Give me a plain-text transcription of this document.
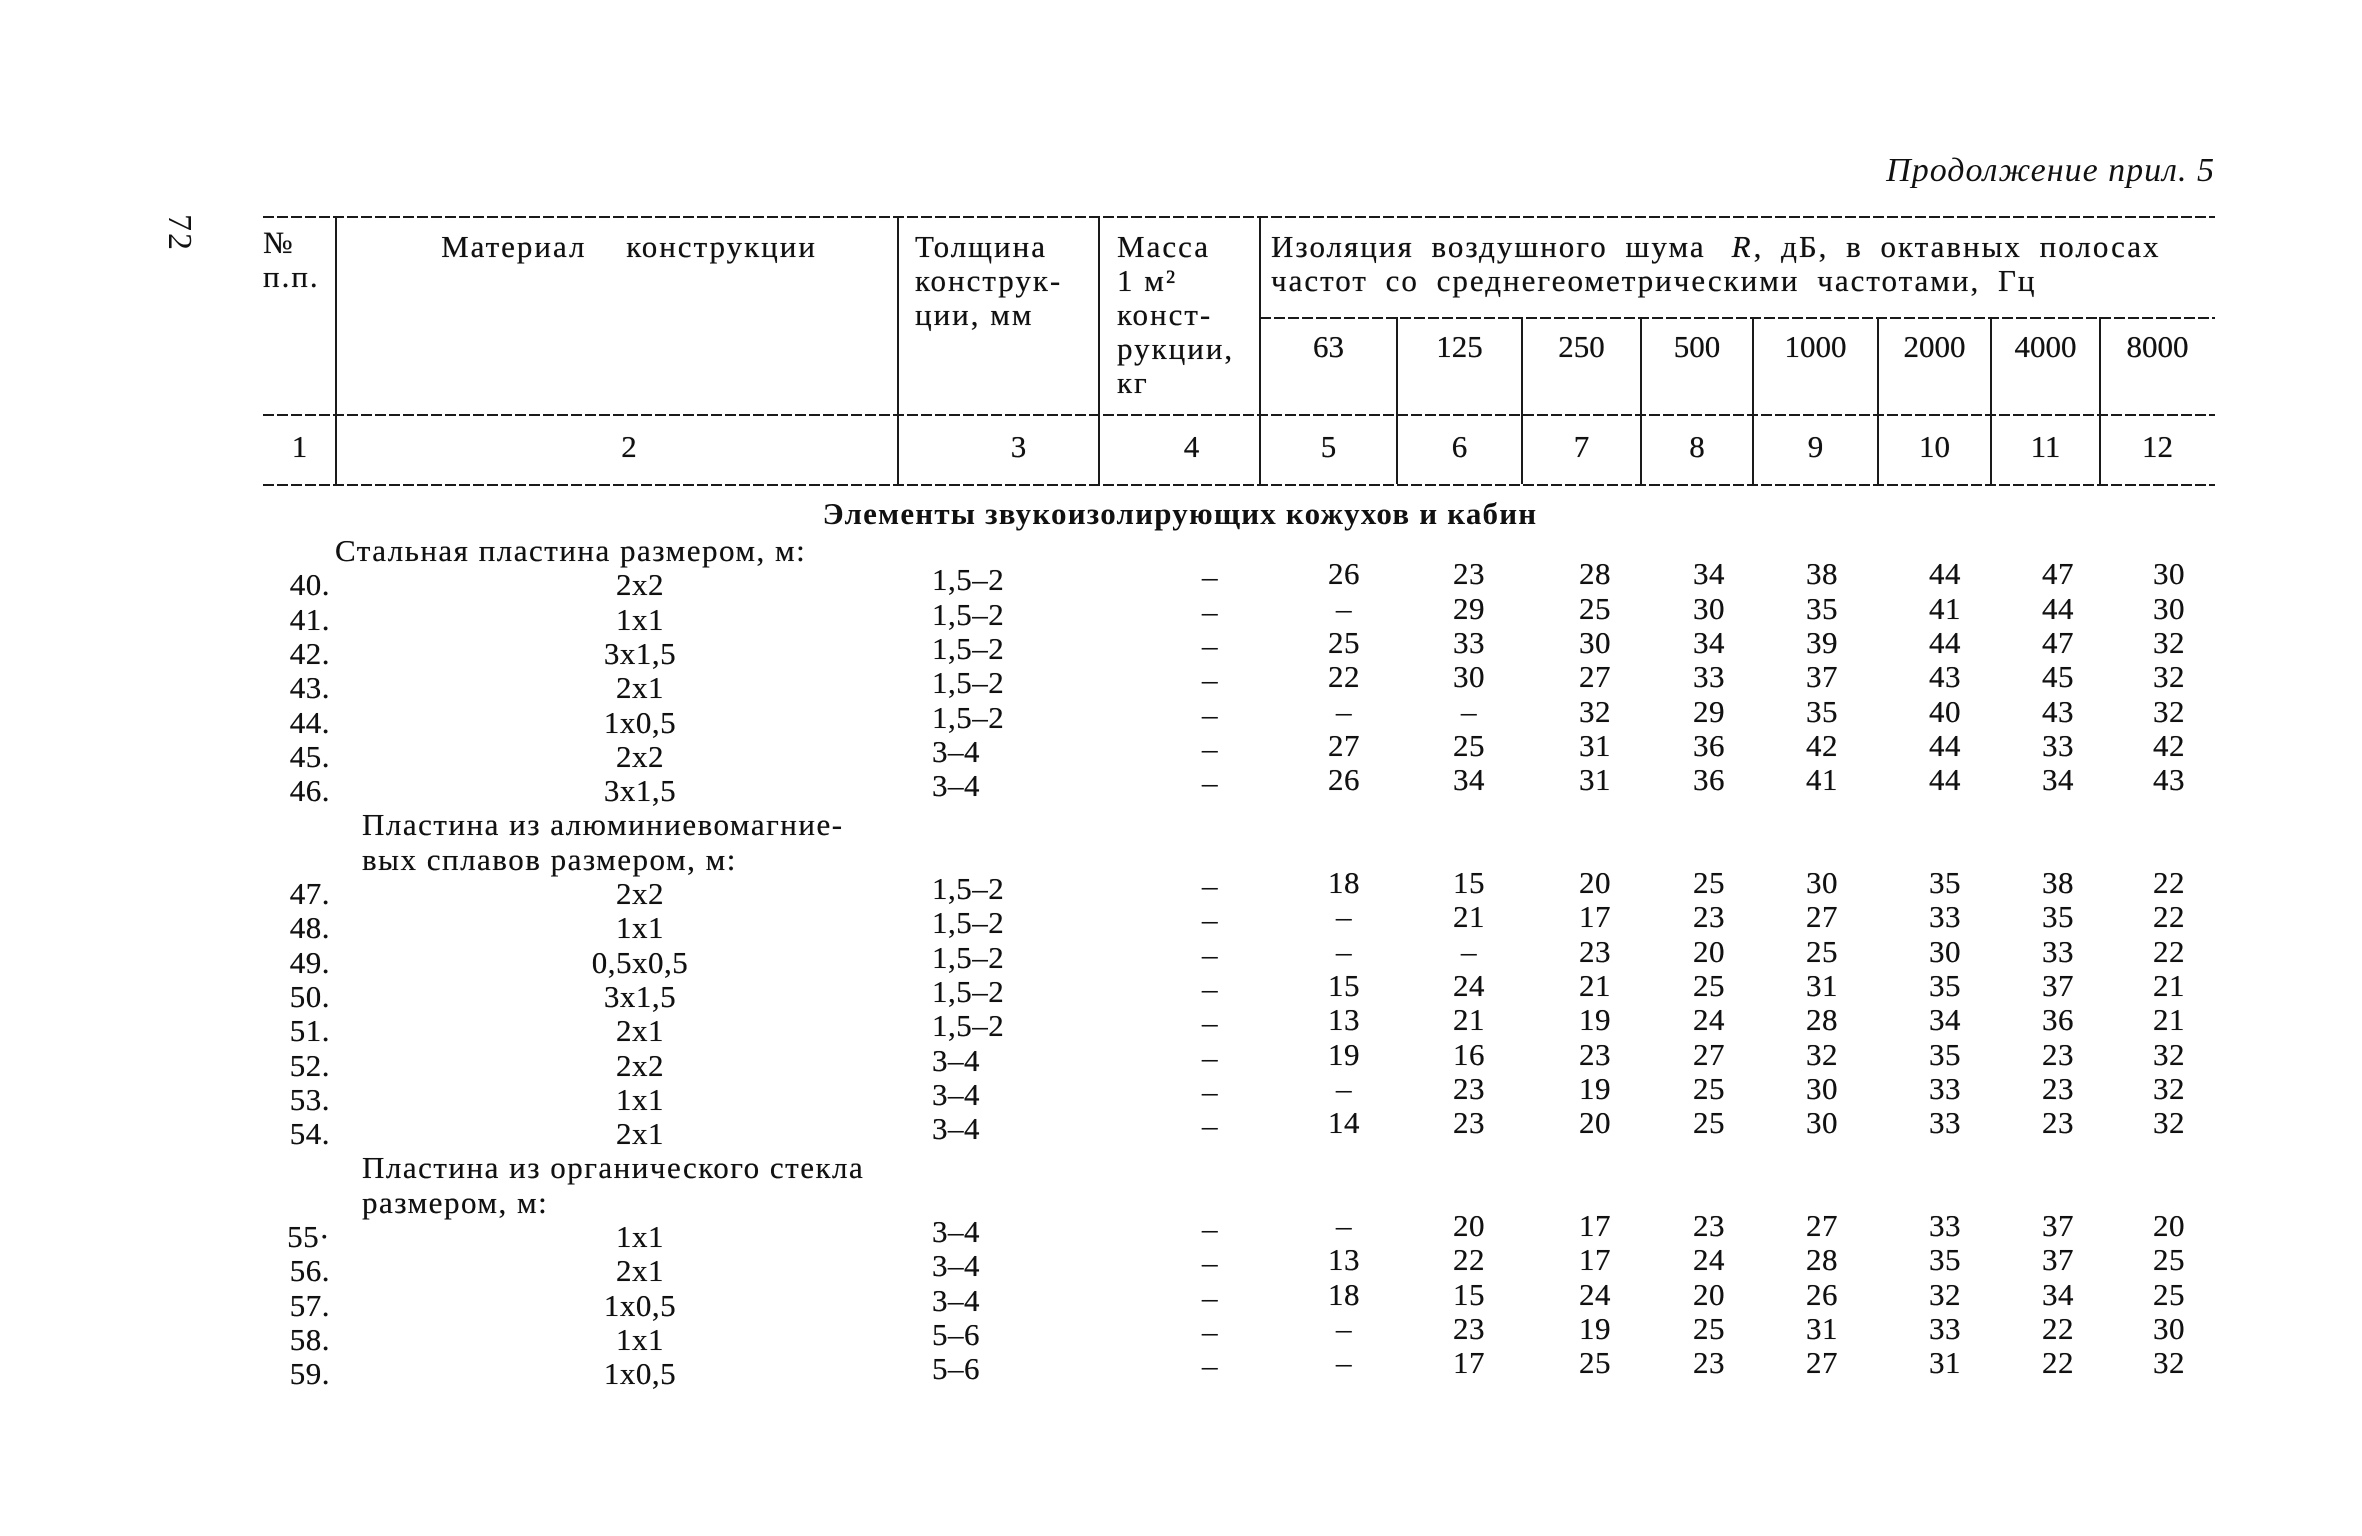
72
Продолжение прил. 5
№
п.п.
Материал конструкции	Толщина
конструк-
ции, мм
Масса
1 м²
конст-
рукции,
кг
Изоляция воздушного шума R, дБ, в октавных полосах
частот со среднегеометрическими частотами, Гц
63	125	250	500	1000	2000	4000	8000
1	2	3	4	5	6	7	8	9	10	11	12
Элементы звукоизолирующих кожухов и кабин
Стальная пластина размером, м:
40.	2x2	1,5–2	–	26	23	28	34	38	44	47	30
41.	1x1	1,5–2	–	–	29	25	30	35	41	44	30
42.	3x1,5	1,5–2	–	25	33	30	34	39	44	47	32
43.	2x1	1,5–2	–	22	30	27	33	37	43	45	32
44.	1x0,5	1,5–2	–	–	–	32	29	35	40	43	32
45.	2x2	3–4	–	27	25	31	36	42	44	33	42
46.	3x1,5	3–4	–	26	34	31	36	41	44	34	43
Пластина из алюминиевомагние-
вых сплавов размером, м:
47.	2x2	1,5–2	–	18	15	20	25	30	35	38	22
48.	1x1	1,5–2	–	–	21	17	23	27	33	35	22
49.	0,5x0,5	1,5–2	–	–	–	23	20	25	30	33	22
50.	3x1,5	1,5–2	–	15	24	21	25	31	35	37	21
51.	2x1	1,5–2	–	13	21	19	24	28	34	36	21
52.	2x2	3–4	–	19	16	23	27	32	35	23	32
53.	1x1	3–4	–	–	23	19	25	30	33	23	32
54.	2x1	3–4	–	14	23	20	25	30	33	23	32
Пластина из органического стекла
размером, м:
55·	1x1	3–4	–	–	20	17	23	27	33	37	20
56.	2x1	3–4	–	13	22	17	24	28	35	37	25
57.	1x0,5	3–4	–	18	15	24	20	26	32	34	25
58.	1x1	5–6	–	–	23	19	25	31	33	22	30
59.	1x0,5	5–6	–	–	17	25	23	27	31	22	32
